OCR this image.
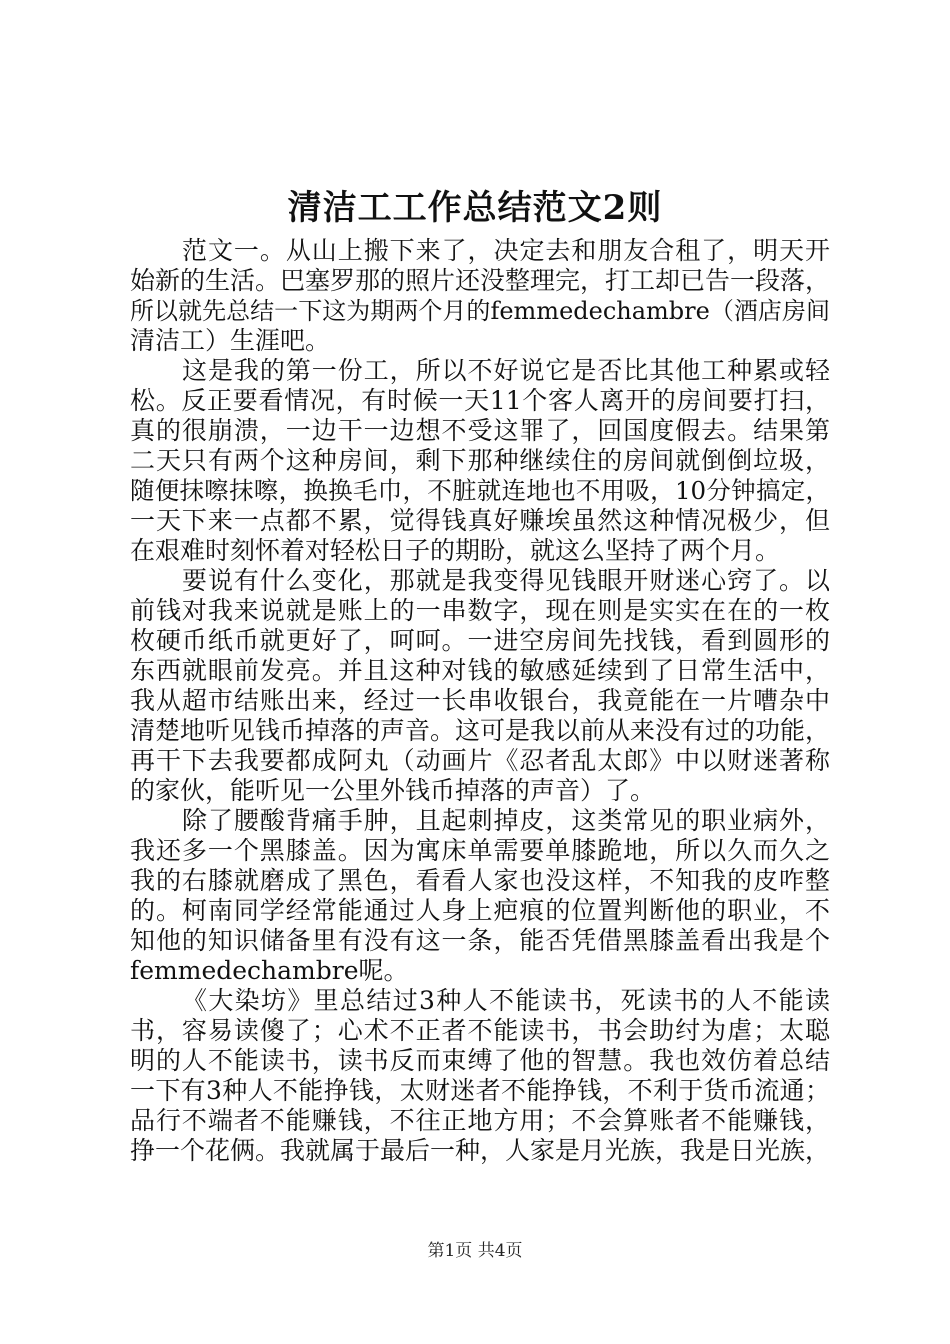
清洁工工作总结范文2则
范文一。从山上搬下来了，决定去和朋友合租了，明天开
始新的生活。巴塞罗那的照片还没整理完，打工却已告一段落，
所以就先总结一下这为期两个月的femmedechambre（酒店房间
清洁工）生涯吧。
这是我的第一份工，所以不好说它是否比其他工种累或轻
松。反正要看情况，有时候一天11个客人离开的房间要打扫，
真的很崩溃，一边干一边想不受这罪了，回国度假去。结果第
二天只有两个这种房间，剩下那种继续住的房间就倒倒垃圾，
随便抹嚓抹嚓，换换毛巾，不脏就连地也不用吸，10分钟搞定，
一天下来一点都不累，觉得钱真好赚埃虽然这种情况极少，但
在艰难时刻怀着对轻松日子的期盼，就这么坚持了两个月。
要说有什么变化，那就是我变得见钱眼开财迷心窍了。以
前钱对我来说就是账上的一串数字，现在则是实实在在的一枚
枚硬币纸币就更好了，呵呵。一进空房间先找钱，看到圆形的
东西就眼前发亮。并且这种对钱的敏感延续到了日常生活中，
我从超市结账出来，经过一长串收银台，我竟能在一片嘈杂中
清楚地听见钱币掉落的声音。这可是我以前从来没有过的功能，
再干下去我要都成阿丸（动画片《忍者乱太郎》中以财迷著称
的家伙，能听见一公里外钱币掉落的声音）了。
除了腰酸背痛手肿，且起刺掉皮，这类常见的职业病外，
我还多一个黑膝盖。因为寓床单需要单膝跪地，所以久而久之
我的右膝就磨成了黑色，看看人家也没这样，不知我的皮咋整
的。柯南同学经常能通过人身上疤痕的位置判断他的职业，不
知他的知识储备里有没有这一条，能否凭借黑膝盖看出我是个
femmedechambre呢。
《大染坊》里总结过3种人不能读书，死读书的人不能读
书，容易读傻了；心术不正者不能读书，书会助纣为虐；太聪
明的人不能读书，读书反而束缚了他的智慧。我也效仿着总结
一下有3种人不能挣钱，太财迷者不能挣钱，不利于货币流通；
品行不端者不能赚钱，不往正地方用；不会算账者不能赚钱，
挣一个花俩。我就属于最后一种，人家是月光族，我是日光族，
第1页 共4页
